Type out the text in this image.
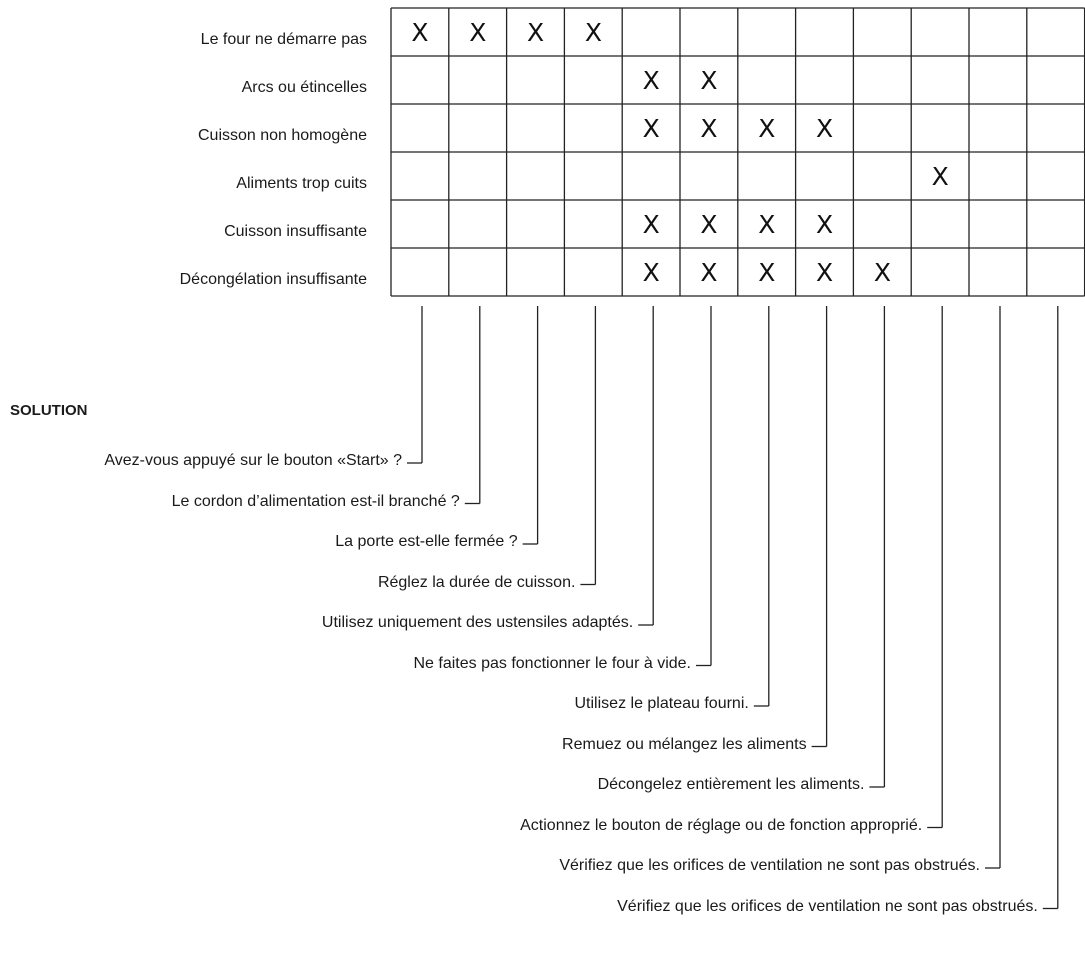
X X X X
X X
X X X X
X
X X X X
X X X X X
SOLUTION
Le four ne démarre pas
Arcs ou étincelles
Cuisson non homogène
Aliments trop cuits
Cuisson insuffisante
Décongélation insuffisante
Avez-vous appuyé sur le bouton «Start» ?
Le cordon d’alimentation est-il branché ?
La porte est-elle fermée ?
Réglez la durée de cuisson.
Utilisez uniquement des ustensiles adaptés.
Ne faites pas fonctionner le four à vide.
Utilisez le plateau fourni.
Remuez ou mélangez les aliments
Décongelez entièrement les aliments.
Actionnez le bouton de réglage ou de fonction approprié.
Vérifiez que les orifices de ventilation ne sont pas obstrués.
Vérifiez que les orifices de ventilation ne sont pas obstrués.
